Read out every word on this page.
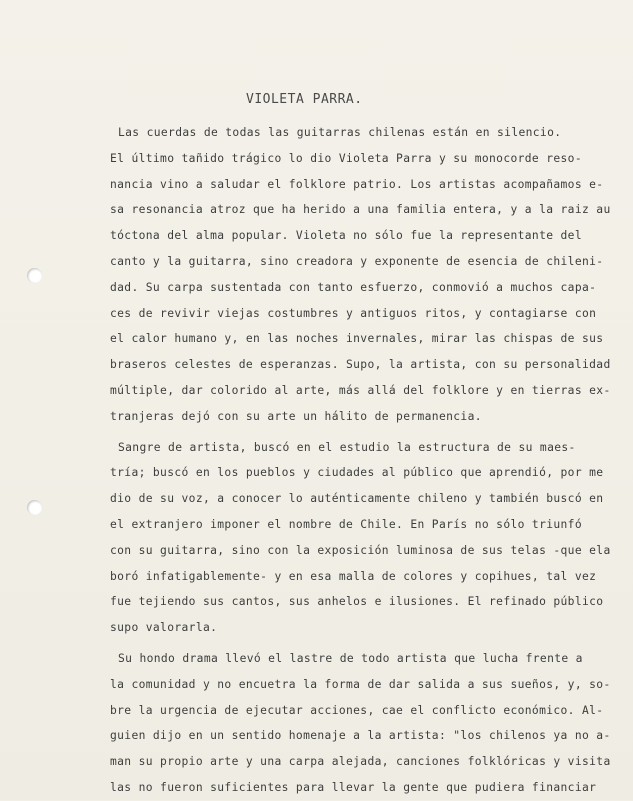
VIOLETA PARRA.
Las cuerdas de todas las guitarras chilenas están en silencio.
El último tañido trágico lo dio Violeta Parra y su monocorde reso-
nancia vino a saludar el folklore patrio. Los artistas acompañamos e-
sa resonancia atroz que ha herido a una familia entera, y a la raiz au
tóctona del alma popular. Violeta no sólo fue la representante del
canto y la guitarra, sino creadora y exponente de esencia de chileni-
dad. Su carpa sustentada con tanto esfuerzo, conmovió a muchos capa-
ces de revivir viejas costumbres y antiguos ritos, y contagiarse con
el calor humano y, en las noches invernales, mirar las chispas de sus
braseros celestes de esperanzas. Supo, la artista, con su personalidad
múltiple, dar colorido al arte, más allá del folklore y en tierras ex-
tranjeras dejó con su arte un hálito de permanencia.
Sangre de artista, buscó en el estudio la estructura de su maes-
tría; buscó en los pueblos y ciudades al público que aprendió, por me
dio de su voz, a conocer lo auténticamente chileno y también buscó en
el extranjero imponer el nombre de Chile. En París no sólo triunfó
con su guitarra, sino con la exposición luminosa de sus telas -que ela
boró infatigablemente- y en esa malla de colores y copihues, tal vez
fue tejiendo sus cantos, sus anhelos e ilusiones. El refinado público
supo valorarla.
Su hondo drama llevó el lastre de todo artista que lucha frente a
la comunidad y no encuetra la forma de dar salida a sus sueños, y, so-
bre la urgencia de ejecutar acciones, cae el conflicto económico. Al-
guien dijo en un sentido homenaje a la artista: "los chilenos ya no a-
man su propio arte y una carpa alejada, canciones folklóricas y visita
las no fueron suficientes para llevar la gente que pudiera financiar
